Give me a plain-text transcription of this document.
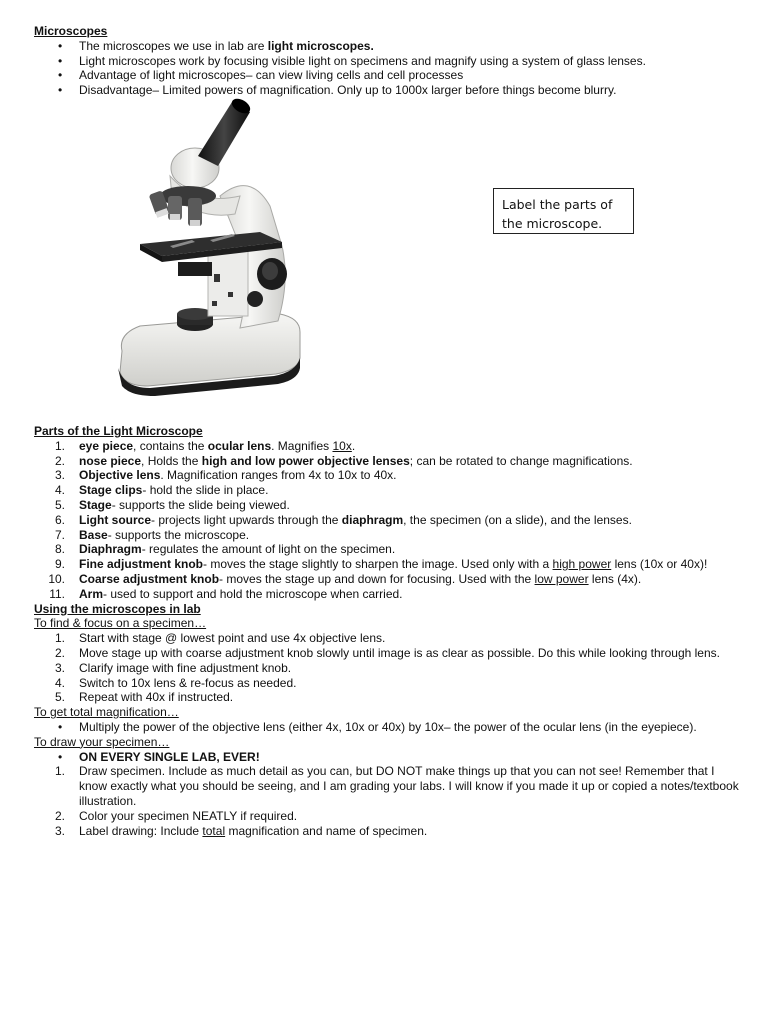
Microscopes

• The microscopes we use in lab are light microscopes.
• Light microscopes work by focusing visible light on specimens and magnify using a system of glass lenses.
• Advantage of light microscopes– can view living cells and cell processes
• Disadvantage– Limited powers of magnification. Only up to 1000x larger before things become blurry.
Label the parts of
the microscope.

Parts of the Light Microscope

1. eye piece, contains the ocular lens. Magnifies 10x.
2. nose piece, Holds the high and low power objective lenses; can be rotated to change magnifications.
3. Objective lens. Magnification ranges from 4x to 10x to 40x.
4. Stage clips- hold the slide in place.
5. Stage- supports the slide being viewed.
6. Light source- projects light upwards through the diaphragm, the specimen (on a slide), and the lenses.
7. Base- supports the microscope.
8. Diaphragm- regulates the amount of light on the specimen.
9. Fine adjustment knob- moves the stage slightly to sharpen the image. Used only with a high power lens (10x or 40x)!
10. Coarse adjustment knob- moves the stage up and down for focusing. Used with the low power lens (4x).
11. Arm- used to support and hold the microscope when carried.

Using the microscopes in lab

To find & focus on a specimen…

1. Start with stage @ lowest point and use 4x objective lens.
2. Move stage up with coarse adjustment knob slowly until image is as clear as possible. Do this while looking through lens.
3. Clarify image with fine adjustment knob.
4. Switch to 10x lens & re-focus as needed.
5. Repeat with 40x if instructed.

To get total magnification…

• Multiply the power of the objective lens (either 4x, 10x or 40x) by 10x– the power of the ocular lens (in the eyepiece).

To draw your specimen…

• ON EVERY SINGLE LAB, EVER!
1. Draw specimen. Include as much detail as you can, but DO NOT make things up that you can not see! Remember that I know exactly what you should be seeing, and I am grading your labs. I will know if you made it up or copied a notes/textbook illustration.
2. Color your specimen NEATLY if required.
3. Label drawing: Include total magnification and name of specimen.
